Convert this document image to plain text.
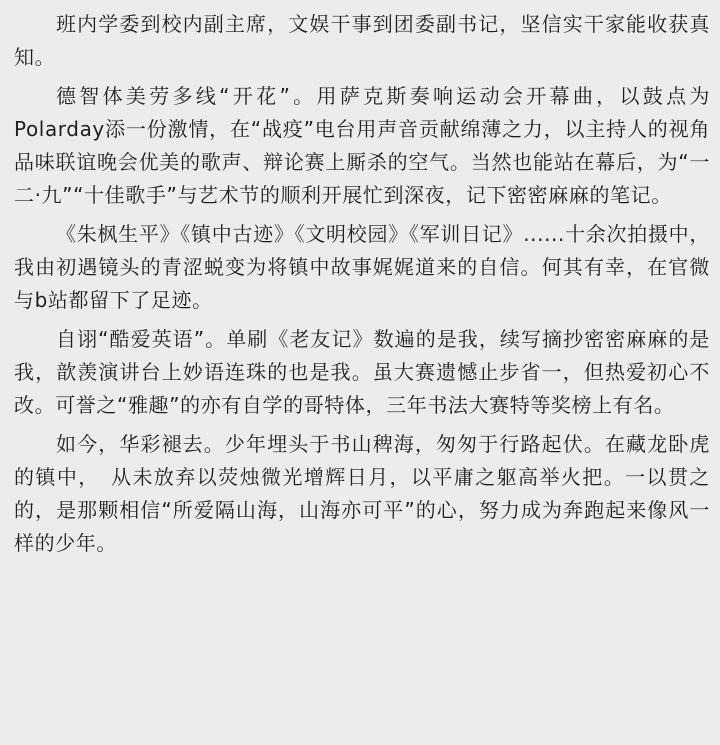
班内学委到校内副主席，文娱干事到团委副书记，坚信实干家能收获真知。

德智体美劳多线“开花”。用萨克斯奏响运动会开幕曲，以鼓点为Polarday添一份激情，在“战疫”电台用声音贡献绵薄之力，以主持人的视角品味联谊晚会优美的歌声、辩论赛上厮杀的空气。当然也能站在幕后，为“一二·九”“十佳歌手”与艺术节的顺利开展忙到深夜，记下密密麻麻的笔记。

《朱枫生平》《镇中古迹》《文明校园》《军训日记》......十余次拍摄中，我由初遇镜头的青涩蜕变为将镇中故事娓娓道来的自信。何其有幸，在官微与b站都留下了足迹。

自诩“酷爱英语”。单刷《老友记》数遍的是我，续写摘抄密密麻麻的是我，歆羡演讲台上妙语连珠的也是我。虽大赛遗憾止步省一，但热爱初心不改。可誉之“雅趣”的亦有自学的哥特体，三年书法大赛特等奖榜上有名。

如今，华彩褪去。少年埋头于书山稗海，匆匆于行路起伏。在藏龙卧虎的镇中，　从未放弃以荧烛微光增辉日月，以平庸之躯高举火把。一以贯之的，是那颗相信“所爱隔山海，山海亦可平”的心，努力成为奔跑起来像风一样的少年。
